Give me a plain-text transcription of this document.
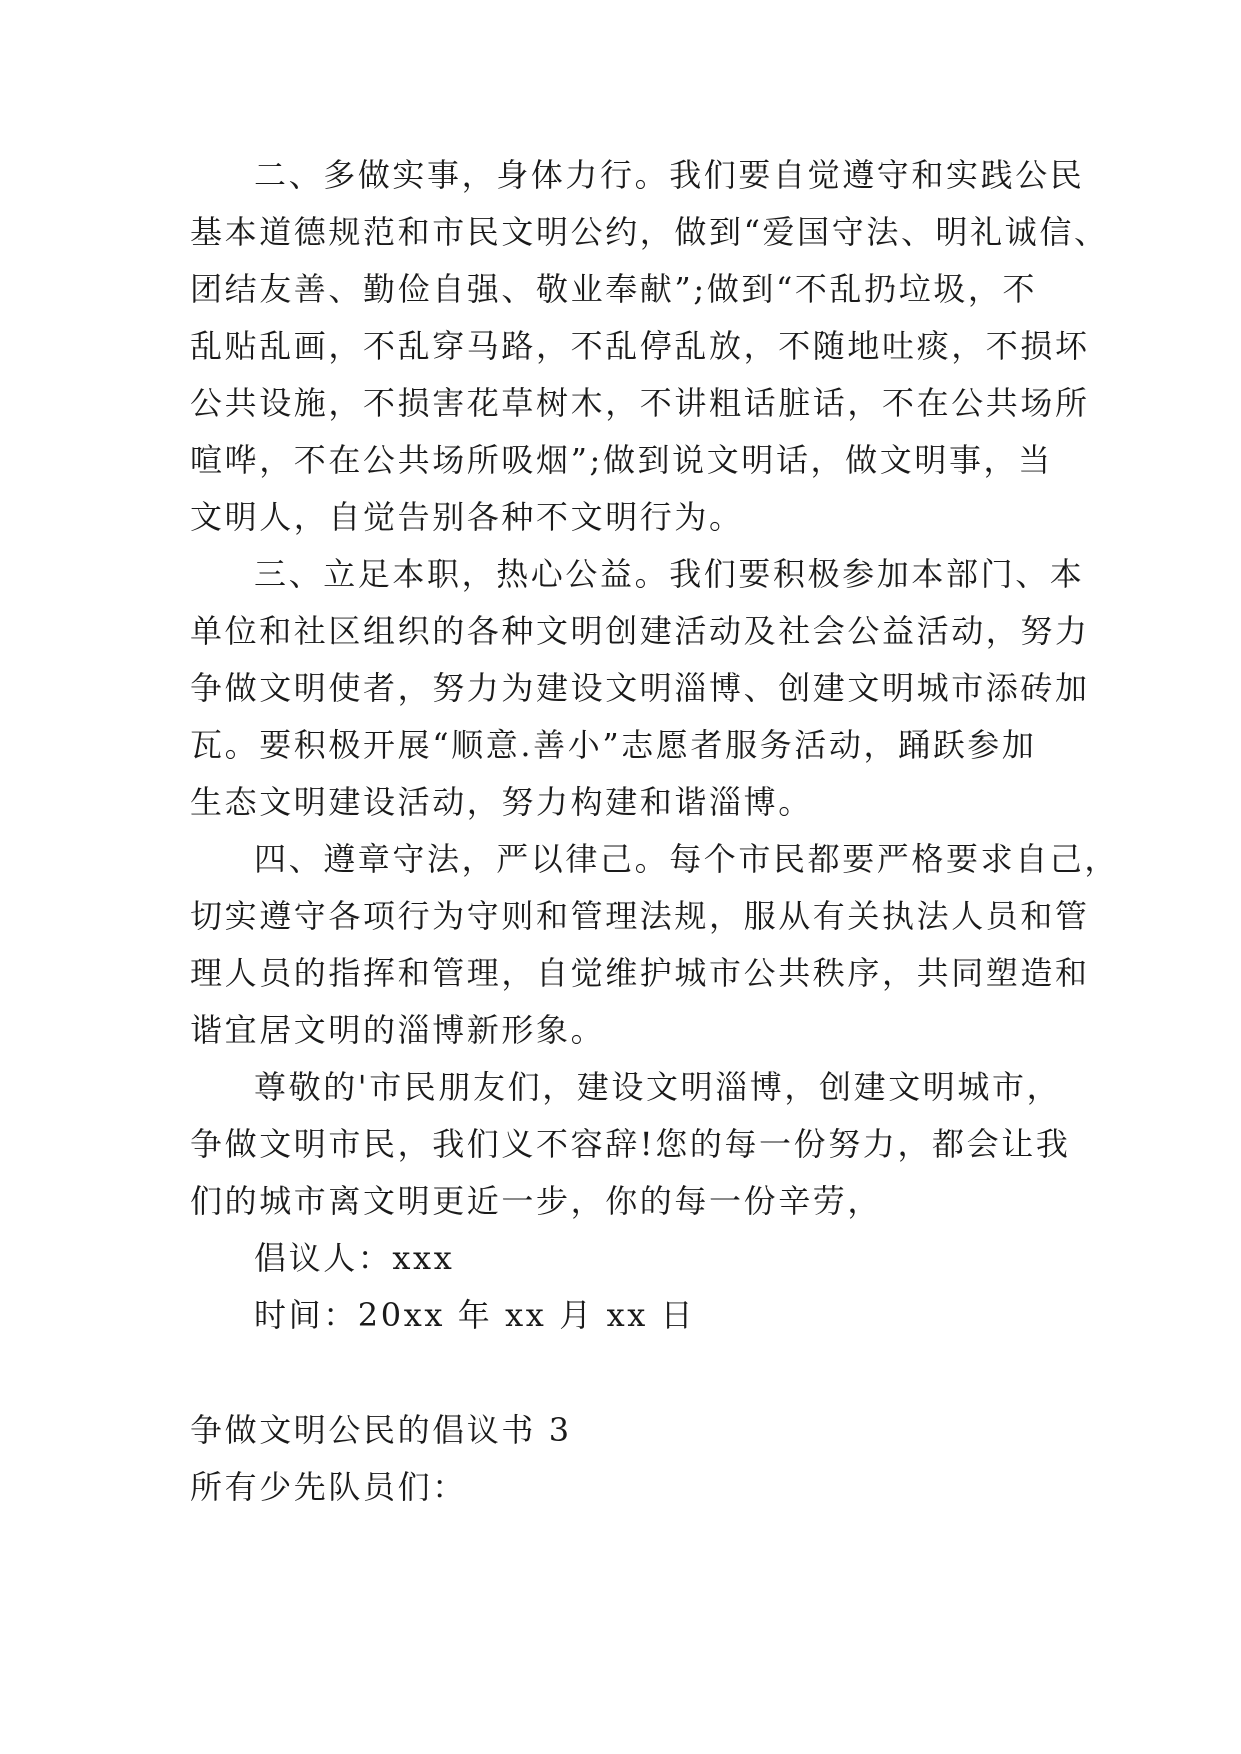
二、多做实事，身体力行。我们要自觉遵守和实践公民
基本道德规范和市民文明公约，做到“爱国守法、明礼诚信、
团结友善、勤俭自强、敬业奉献”;做到“不乱扔垃圾，不
乱贴乱画，不乱穿马路，不乱停乱放，不随地吐痰，不损坏
公共设施，不损害花草树木，不讲粗话脏话，不在公共场所
喧哗，不在公共场所吸烟”;做到说文明话，做文明事，当
文明人，自觉告别各种不文明行为。
三、立足本职，热心公益。我们要积极参加本部门、本
单位和社区组织的各种文明创建活动及社会公益活动，努力
争做文明使者，努力为建设文明淄博、创建文明城市添砖加
瓦。要积极开展“顺意.善小”志愿者服务活动，踊跃参加
生态文明建设活动，努力构建和谐淄博。
四、遵章守法，严以律己。每个市民都要严格要求自己，
切实遵守各项行为守则和管理法规，服从有关执法人员和管
理人员的指挥和管理，自觉维护城市公共秩序，共同塑造和
谐宜居文明的淄博新形象。
尊敬的'市民朋友们，建设文明淄博，创建文明城市，
争做文明市民，我们义不容辞!您的每一份努力，都会让我
们的城市离文明更近一步，你的每一份辛劳，
倡议人：xxx
时间：20xx 年 xx 月 xx 日
争做文明公民的倡议书 3
所有少先队员们：
